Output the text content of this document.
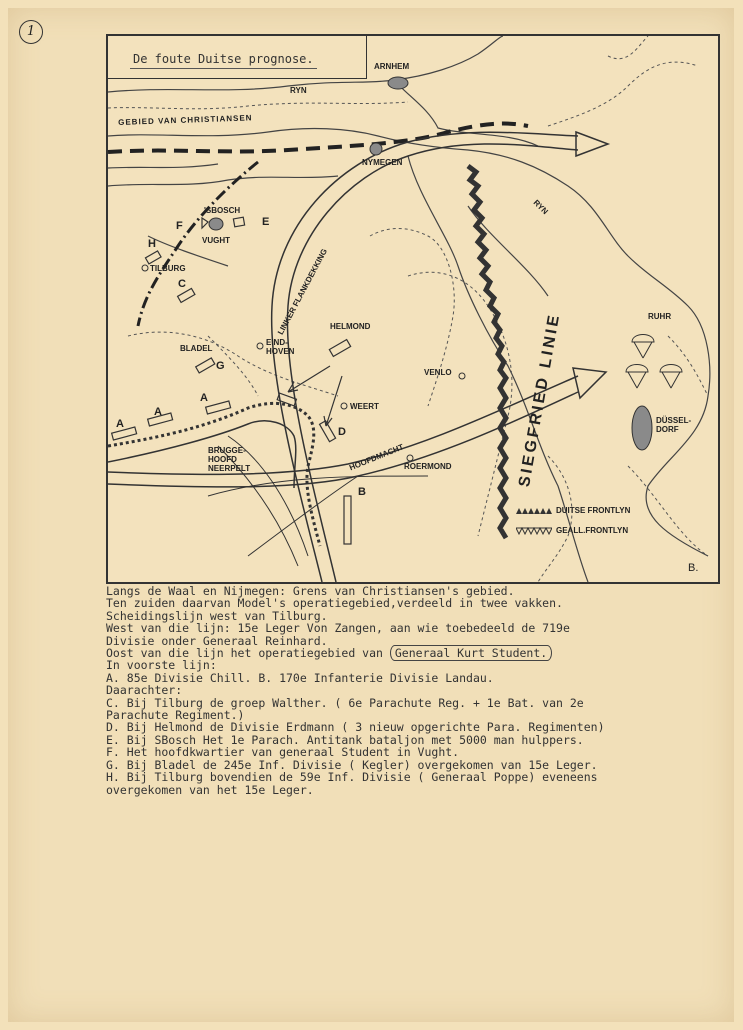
1
De foute Duitse prognose.
ARNHEM
RYN
GEBIED VAN CHRISTIANSEN
NYMEGEN
RYN
'SBOSCH
VUGHT
TILBURG
BLADEL
EIND-
HOVEN
HELMOND
VENLO
WEERT
ROERMOND
BRUGGE-
HOOFD
NEERPELT
LINKER FLANKDEKKING
HOOFDMACHT	SIEGFRIED LINIE	RUHR
DÜSSEL-
DORF
B.
A
A
A
B
C
D
E
F
G
H
DUITSE FRONTLYN
GEALL.FRONTLYN
Langs de Waal en Nijmegen: Grens van Christiansen's gebied.
Ten zuiden daarvan Model's operatiegebied,verdeeld in twee vakken.
Scheidingslijn west van Tilburg.
West van die lijn: 15e Leger Von Zangen, aan wie toebedeeld de 719e
Divisie onder Generaal Reinhard.
Oost van die lijn het operatiegebied van Generaal Kurt Student.
In voorste lijn:
A. 85e Divisie Chill. B. 170e Infanterie Divisie Landau.
Daarachter:
C. Bij Tilburg de groep Walther. ( 6e Parachute Reg. + 1e Bat. van 2e
Parachute Regiment.)
D. Bij Helmond de Divisie Erdmann ( 3 nieuw opgerichte Para. Regimenten)
E. Bij SBosch Het 1e Parach. Antitank bataljon met 5000 man hulppers.
F. Het hoofdkwartier van generaal Student in Vught.
G. Bij Bladel de 245e Inf. Divisie ( Kegler) overgekomen van 15e Leger.
H. Bij Tilburg bovendien de 59e Inf. Divisie ( Generaal Poppe) eveneens
overgekomen van het 15e Leger.
